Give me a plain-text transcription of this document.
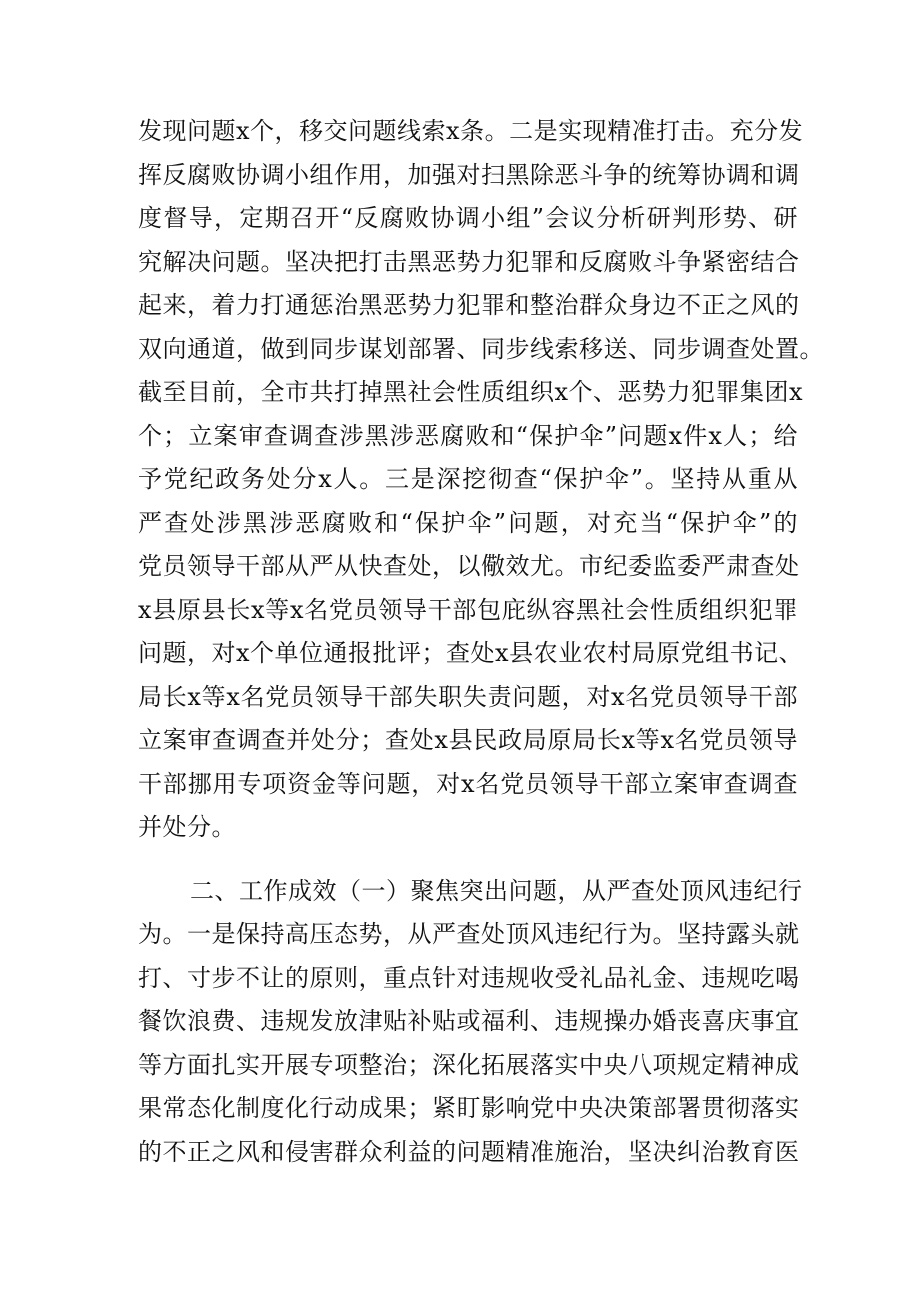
发现问题x个，移交问题线索x条。二是实现精准打击。充分发
挥反腐败协调小组作用，加强对扫黑除恶斗争的统筹协调和调
度督导，定期召开“反腐败协调小组”会议分析研判形势、研
究解决问题。坚决把打击黑恶势力犯罪和反腐败斗争紧密结合
起来，着力打通惩治黑恶势力犯罪和整治群众身边不正之风的
双向通道，做到同步谋划部署、同步线索移送、同步调查处置。
截至目前，全市共打掉黑社会性质组织x个、恶势力犯罪集团x
个；立案审查调查涉黑涉恶腐败和“保护伞”问题x件x人；给
予党纪政务处分x人。三是深挖彻查“保护伞”。坚持从重从
严查处涉黑涉恶腐败和“保护伞”问题，对充当“保护伞”的
党员领导干部从严从快查处，以儆效尤。市纪委监委严肃查处
x县原县长x等x名党员领导干部包庇纵容黑社会性质组织犯罪
问题，对x个单位通报批评；查处x县农业农村局原党组书记、
局长x等x名党员领导干部失职失责问题，对x名党员领导干部
立案审查调查并处分；查处x县民政局原局长x等x名党员领导
干部挪用专项资金等问题，对x名党员领导干部立案审查调查
并处分。
二、工作成效（一）聚焦突出问题，从严查处顶风违纪行
为。一是保持高压态势，从严查处顶风违纪行为。坚持露头就
打、寸步不让的原则，重点针对违规收受礼品礼金、违规吃喝
餐饮浪费、违规发放津贴补贴或福利、违规操办婚丧喜庆事宜
等方面扎实开展专项整治；深化拓展落实中央八项规定精神成
果常态化制度化行动成果；紧盯影响党中央决策部署贯彻落实
的不正之风和侵害群众利益的问题精准施治，坚决纠治教育医
